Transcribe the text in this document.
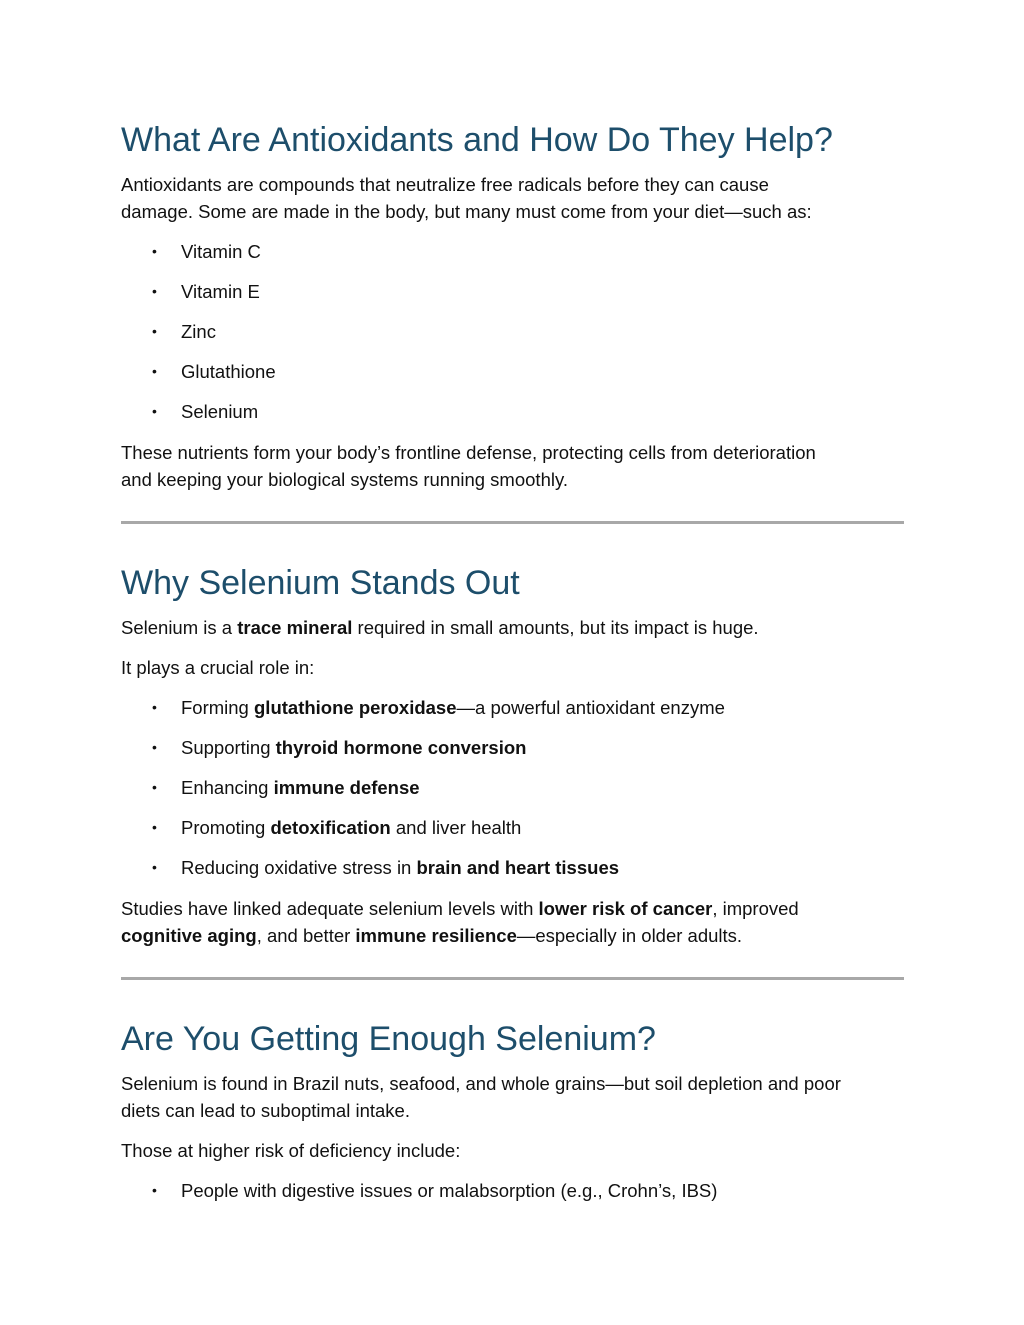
What Are Antioxidants and How Do They Help?

Antioxidants are compounds that neutralize free radicals before they can cause
damage. Some are made in the body, but many must come from your diet—such as:

• Vitamin C
• Vitamin E
• Zinc
• Glutathione
• Selenium

These nutrients form your body’s frontline defense, protecting cells from deterioration
and keeping your biological systems running smoothly.

Why Selenium Stands Out

Selenium is a trace mineral required in small amounts, but its impact is huge.

It plays a crucial role in:

• Forming glutathione peroxidase—a powerful antioxidant enzyme
• Supporting thyroid hormone conversion
• Enhancing immune defense
• Promoting detoxification and liver health
• Reducing oxidative stress in brain and heart tissues

Studies have linked adequate selenium levels with lower risk of cancer, improved
cognitive aging, and better immune resilience—especially in older adults.

Are You Getting Enough Selenium?

Selenium is found in Brazil nuts, seafood, and whole grains—but soil depletion and poor
diets can lead to suboptimal intake.

Those at higher risk of deficiency include:

• People with digestive issues or malabsorption (e.g., Crohn’s, IBS)
